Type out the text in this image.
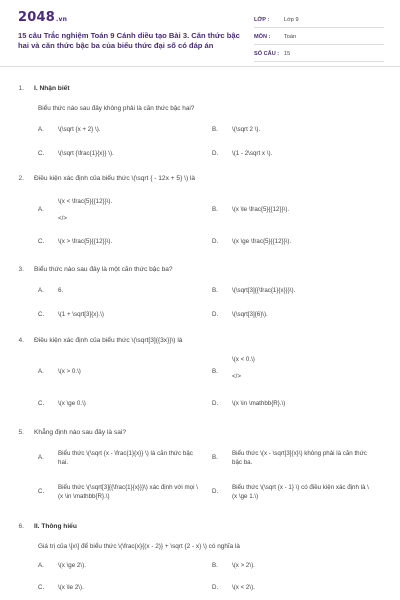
2048.vn
15 câu Trắc nghiệm Toán 9 Cánh diều tạo Bài 3. Căn thức bậc hai và căn thức bậc ba của biểu thức đại số có đáp án
LỚP :	Lớp 9
MÔN :	Toán
SỐ CÂU : 15
1. I. Nhận biết
Biểu thức nào sau đây không phải là căn thức bậc hai?
A.	\(\sqrt {x + 2} \).	B.	\(\sqrt 2 \).
C.	\(\sqrt {\frac{1}{x}} \).	D.	\(1 - 2\sqrt x \).
2. Điều kiện xác định của biểu thức \(\sqrt { - 12x + 5} \) là
A.
\(x < \frac{5}{{12}}\).

</>
B.	\(x \le \frac{5}{{12}}\).
C.	\(x > \frac{5}{{12}}\).	D.	\(x \ge \frac{5}{{12}}\).
3. Biểu thức nào sau đây là một căn thức bậc ba?
A.	6.	B.	\(\sqrt[3]{{\frac{1}{x}}}\).
C.	\(1 + \sqrt[3]{x}.\)	D.	\(\sqrt[3]{6}\).
4. Điều kiện xác định của biểu thức \(\sqrt[3]{{3x}}\) là
A.	\(x > 0.\)	B.
\(x < 0.\)

</>
C.	\(x \ge 0.\)	D.	\(x \in \mathbb{R}.\)
5. Khẳng định nào sau đây là sai?
A.
Biểu thức \(\sqrt {x - \frac{1}{x}} \) là căn thức bậc hai.
B.
Biểu thức \(x - \sqrt[3]{x}\) không phải là căn thức bậc ba.
C.
Biểu thức \(\sqrt[3]{{\frac{1}{x}}}\) xác định với mọi \(x \in \mathbb{R}.\)
D.
Biểu thức \(\sqrt {x - 1} \) có điều kiện xác định là \(x \ge 1.\)
6. II. Thông hiểu
Giá trị của \[x\] để biểu thức \(\frac{x}{(x - 2)} + \sqrt {2 - x} \) có nghĩa là
A.	\(x \ge 2\).	B.	\(x > 2\).
C.	\(x \le 2\).	D.	\(x < 2\).
